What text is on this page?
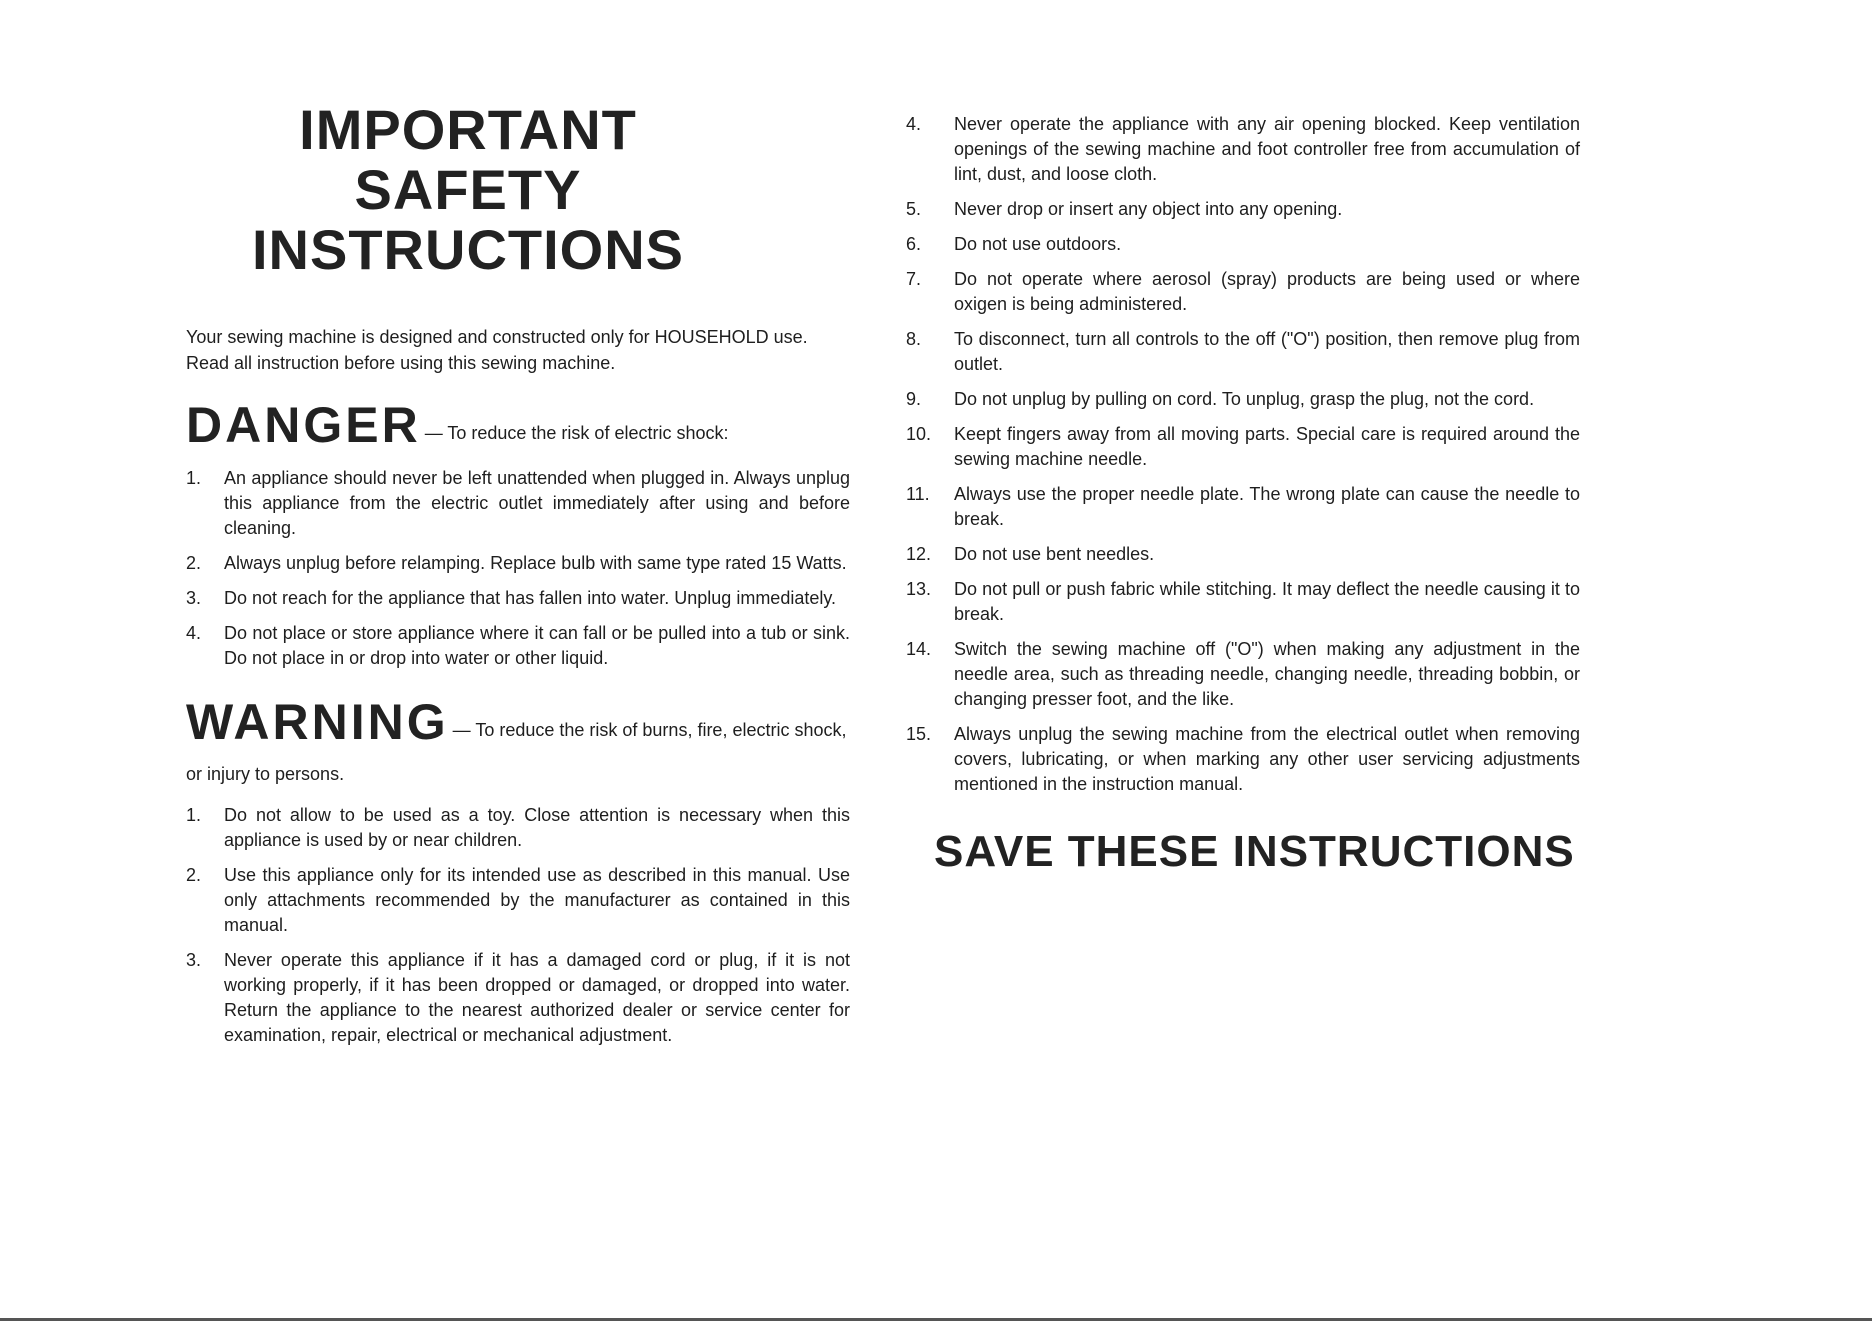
IMPORTANT SAFETY
INSTRUCTIONS
Your sewing machine is designed and constructed only for HOUSEHOLD use.
Read all instruction before using this sewing machine.
DANGER — To reduce the risk of electric shock:
1.	An appliance should never be left unattended when plugged in. Always unplug this appliance from the electric outlet immediately after using and before cleaning.
2.	Always unplug before relamping. Replace bulb with same type rated 15 Watts.
3.	Do not reach for the appliance that has fallen into water. Unplug immediately.
4.	Do not place or store appliance where it can fall or be pulled into a tub or sink. Do not place in or drop into water or other liquid.
WARNING — To reduce the risk of burns, fire, electric shock,
or injury to persons.
1.	Do not allow to be used as a toy. Close attention is necessary when this appliance is used by or near children.
2.	Use this appliance only for its intended use as described in this manual. Use only attachments recommended by the manufacturer as contained in this manual.
3.	Never operate this appliance if it has a damaged cord or plug, if it is not working properly, if it has been dropped or damaged, or dropped into water. Return the appliance to the nearest authorized dealer or service center for examination, repair, electrical or mechanical adjustment.
4.	Never operate the appliance with any air opening blocked. Keep ventilation openings of the sewing machine and foot controller free from accumulation of lint, dust, and loose cloth.
5.	Never drop or insert any object into any opening.
6.	Do not use outdoors.
7.	Do not operate where aerosol (spray) products are being used or where oxigen is being administered.
8.	To disconnect, turn all controls to the off ("O") position, then remove plug from outlet.
9.	Do not unplug by pulling on cord. To unplug, grasp the plug, not the cord.
10.	Keept fingers away from all moving parts. Special care is required around the sewing machine needle.
11.	Always use the proper needle plate. The wrong plate can cause the needle to break.
12.	Do not use bent needles.
13.	Do not pull or push fabric while stitching. It may deflect the needle causing it to break.
14.	Switch the sewing machine off ("O") when making any adjustment in the needle area, such as threading needle, changing needle, threading bobbin, or changing presser foot, and the like.
15.	Always unplug the sewing machine from the electrical outlet when removing covers, lubricating, or when marking any other user servicing adjustments mentioned in the instruction manual.
SAVE THESE INSTRUCTIONS
